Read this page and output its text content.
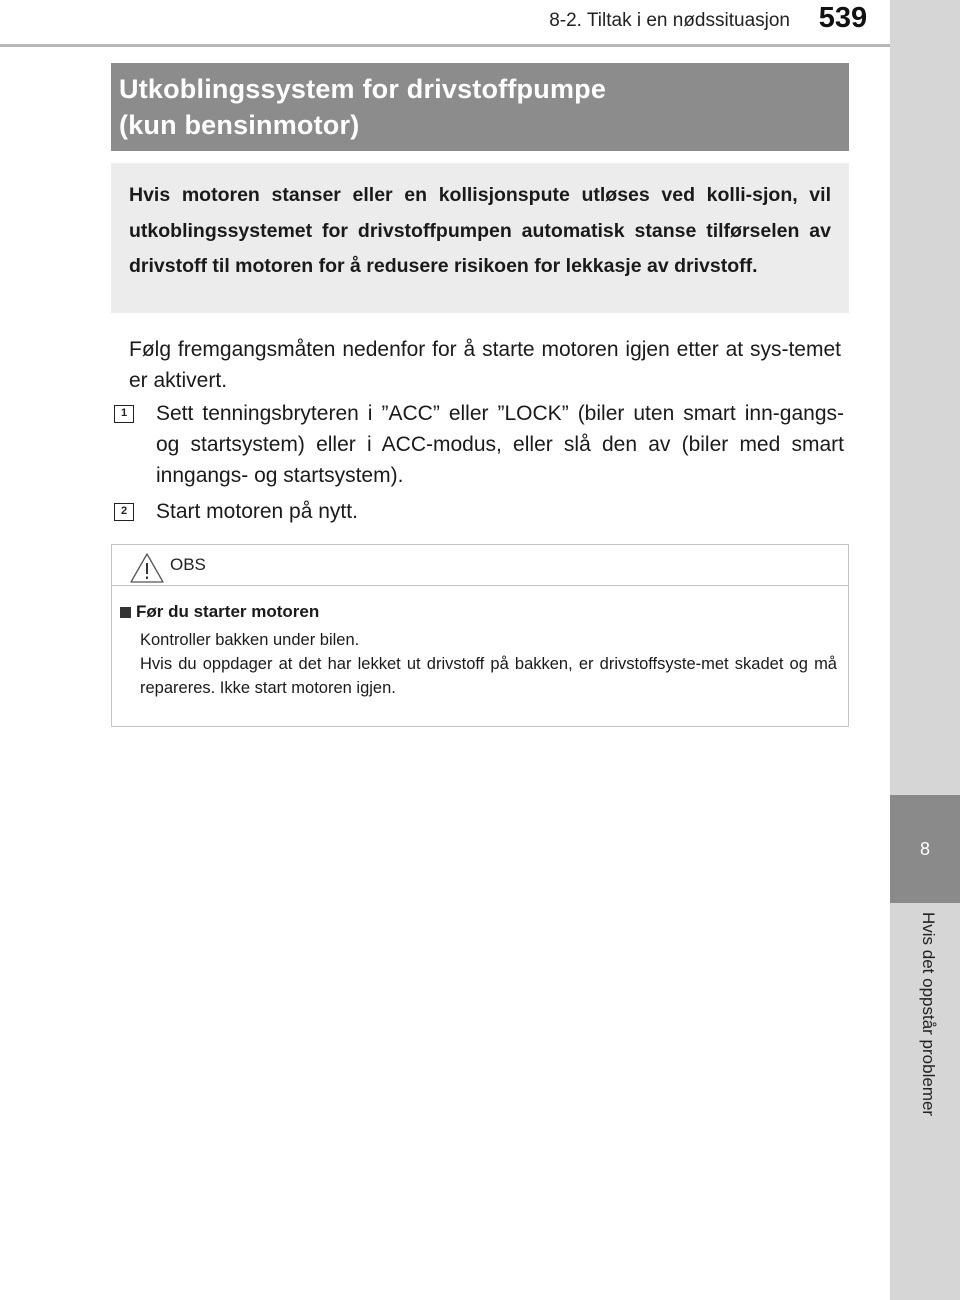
8-2. Tiltak i en nødssituasjon 539
8
Hvis det oppstår problemer
Utkoblingssystem for drivstoffpumpe
(kun bensinmotor)

Hvis motoren stanser eller en kollisjonspute utløses ved kolli-sjon, vil utkoblingssystemet for drivstoffpumpen automatisk stanse tilførselen av drivstoff til motoren for å redusere risikoen for lekkasje av drivstoff.

Følg fremgangsmåten nedenfor for å starte motoren igjen etter at sys-temet er aktivert.

1	Sett tenningsbryteren i ”ACC” eller ”LOCK” (biler uten smart inn-gangs- og startsystem) eller i ACC-modus, eller slå den av (biler med smart inngangs- og startsystem).

2	Start motoren på nytt.

OBS
Før du starter motoren

Kontroller bakken under bilen.

Hvis du oppdager at det har lekket ut drivstoff på bakken, er drivstoffsyste-met skadet og må repareres. Ikke start motoren igjen.
